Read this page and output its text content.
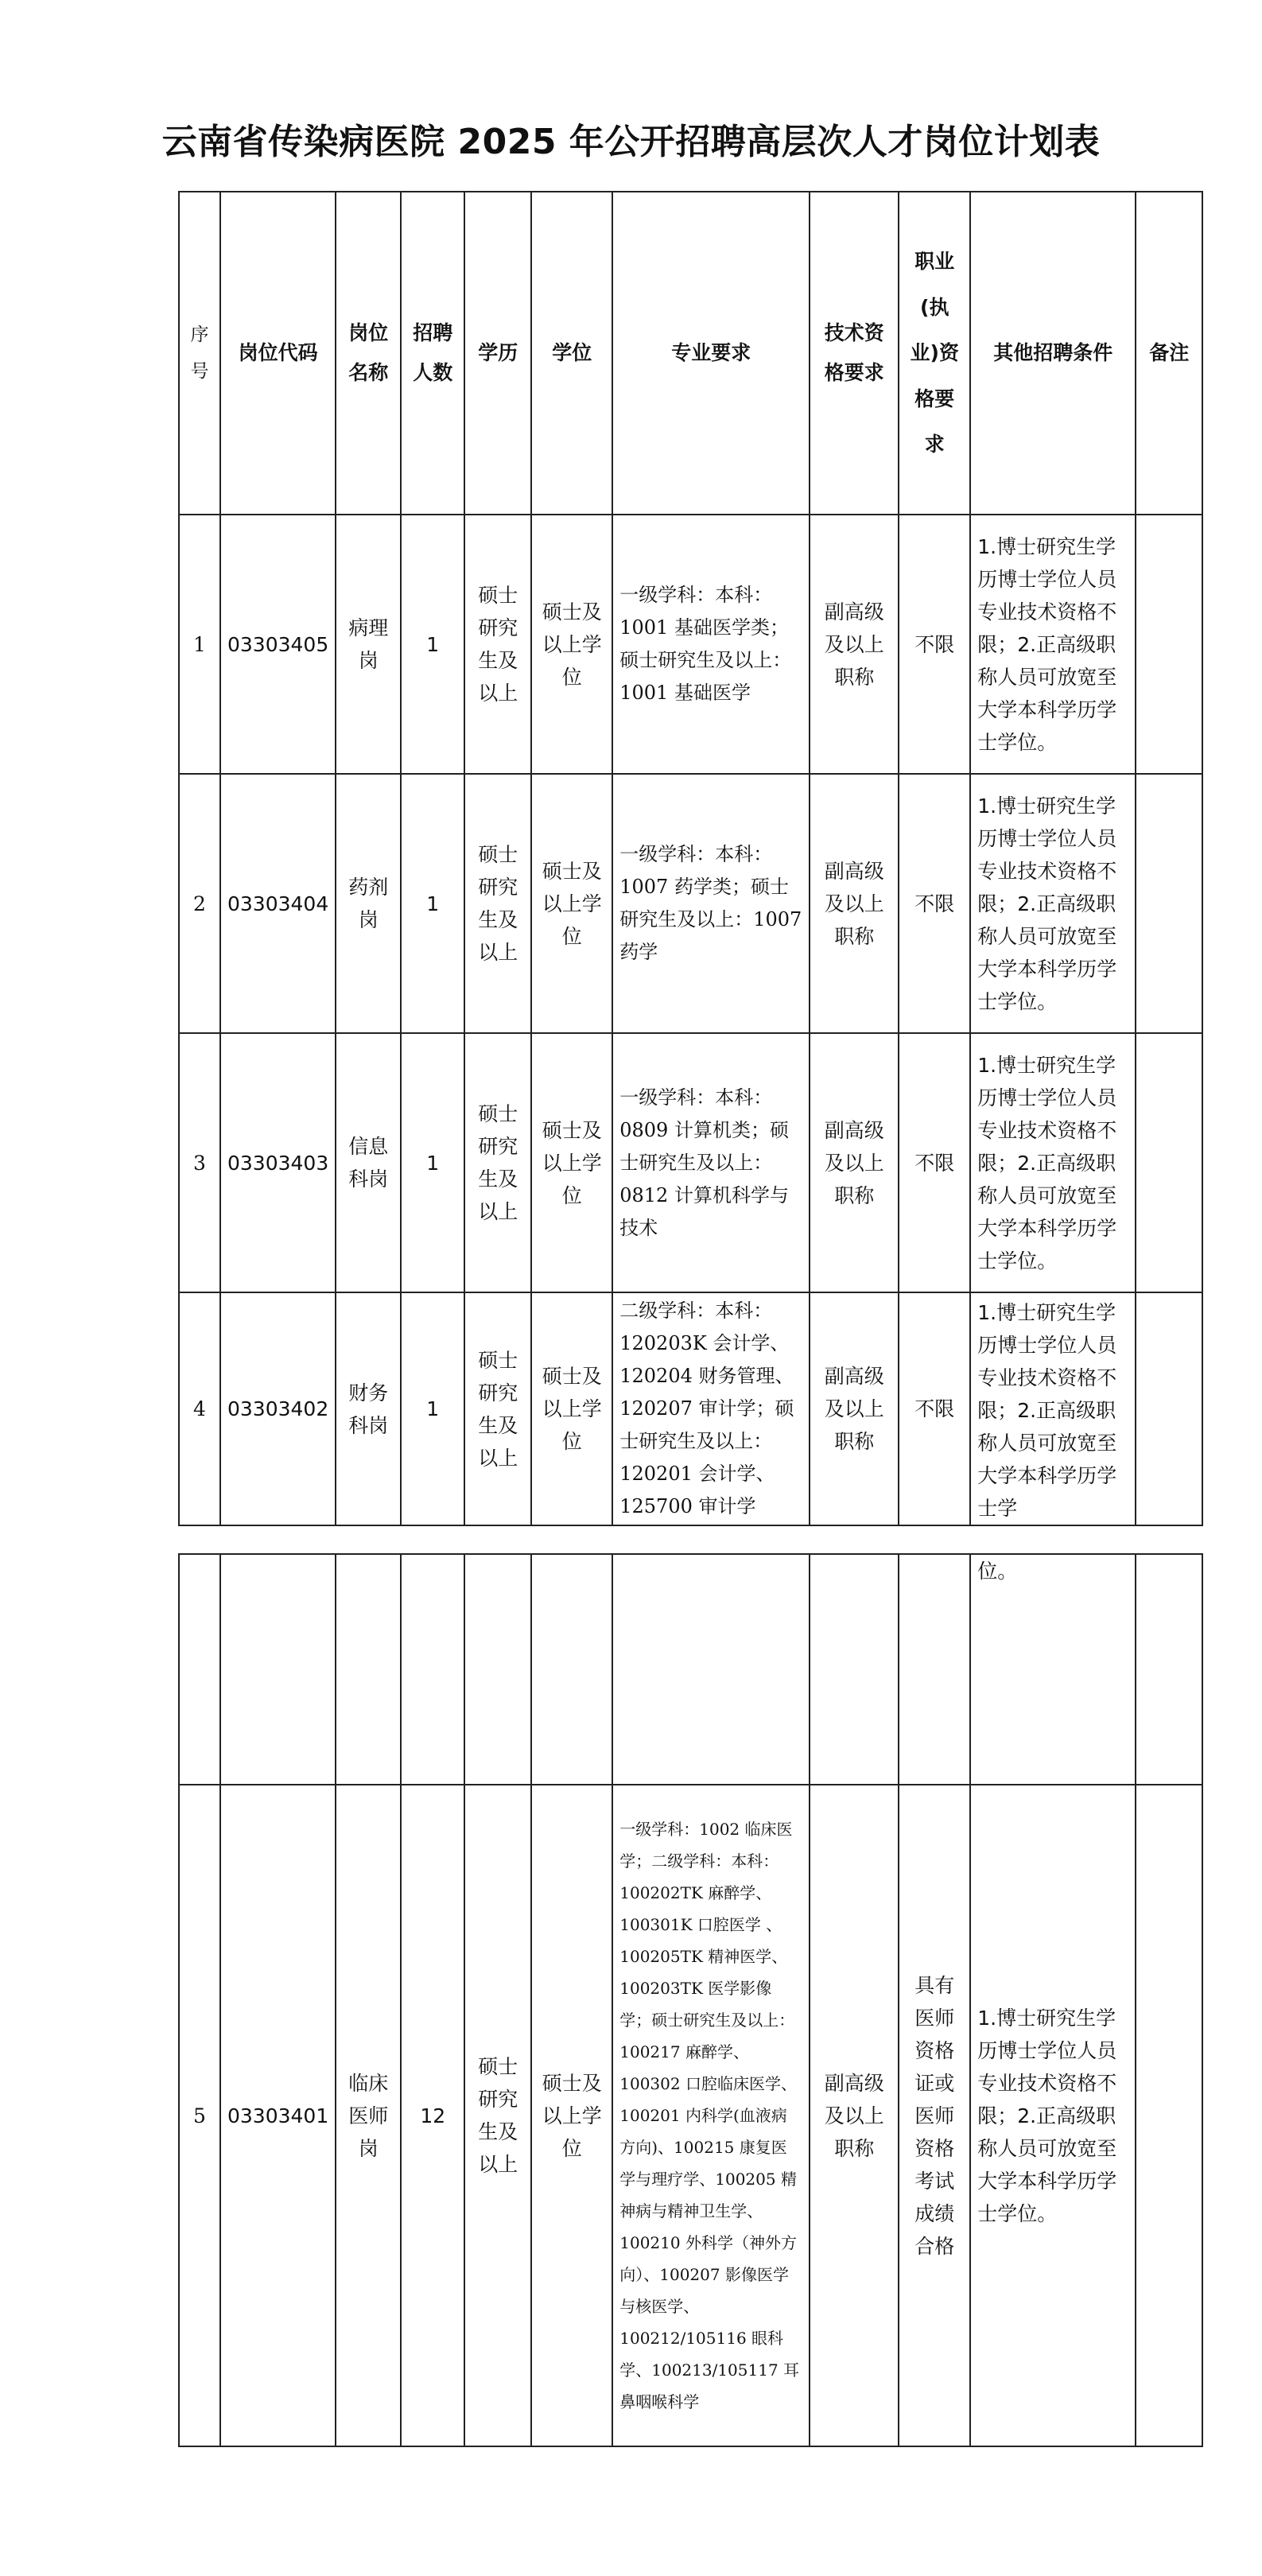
云南省传染病医院 2025 年公开招聘高层次人才岗位计划表
序号	岗位代码	岗位名称	招聘人数	学历	学位	专业要求	技术资格要求	职业(执业)资格要求	其他招聘条件	备注
1	03303405	病理岗	1	硕士研究生及以上	硕士及以上学位	一级学科：本科：1001 基础医学类；硕士研究生及以上：1001 基础医学	副高级及以上职称	不限	1.博士研究生学历博士学位人员专业技术资格不限；2.正高级职称人员可放宽至大学本科学历学士学位。	
2	03303404	药剂岗	1	硕士研究生及以上	硕士及以上学位	一级学科：本科：1007 药学类；硕士研究生及以上：1007 药学	副高级及以上职称	不限	1.博士研究生学历博士学位人员专业技术资格不限；2.正高级职称人员可放宽至大学本科学历学士学位。	
3	03303403	信息科岗	1	硕士研究生及以上	硕士及以上学位	一级学科：本科：0809 计算机类；硕士研究生及以上：0812 计算机科学与技术	副高级及以上职称	不限	1.博士研究生学历博士学位人员专业技术资格不限；2.正高级职称人员可放宽至大学本科学历学士学位。	
4	03303402	财务科岗	1	硕士研究生及以上	硕士及以上学位	二级学科：本科：120203K 会计学、120204 财务管理、120207 审计学；硕士研究生及以上：120201 会计学、125700 审计学	副高级及以上职称	不限	1.博士研究生学历博士学位人员专业技术资格不限；2.正高级职称人员可放宽至大学本科学历学士学	
									位。	
5	03303401	临床医师岗	12	硕士研究生及以上	硕士及以上学位	一级学科：1002 临床医学；二级学科：本科：100202TK 麻醉学、100301K 口腔医学 、100205TK 精神医学、100203TK 医学影像学；硕士研究生及以上：100217 麻醉学、100302 口腔临床医学、100201 内科学(血液病方向)、100215 康复医学与理疗学、100205 精神病与精神卫生学、100210 外科学（神外方向）、100207 影像医学与核医学、100212/105116 眼科学、100213/105117 耳鼻咽喉科学	副高级及以上职称	具有医师资格证或医师资格考试成绩合格	1.博士研究生学历博士学位人员专业技术资格不限；2.正高级职称人员可放宽至大学本科学历学士学位。	
